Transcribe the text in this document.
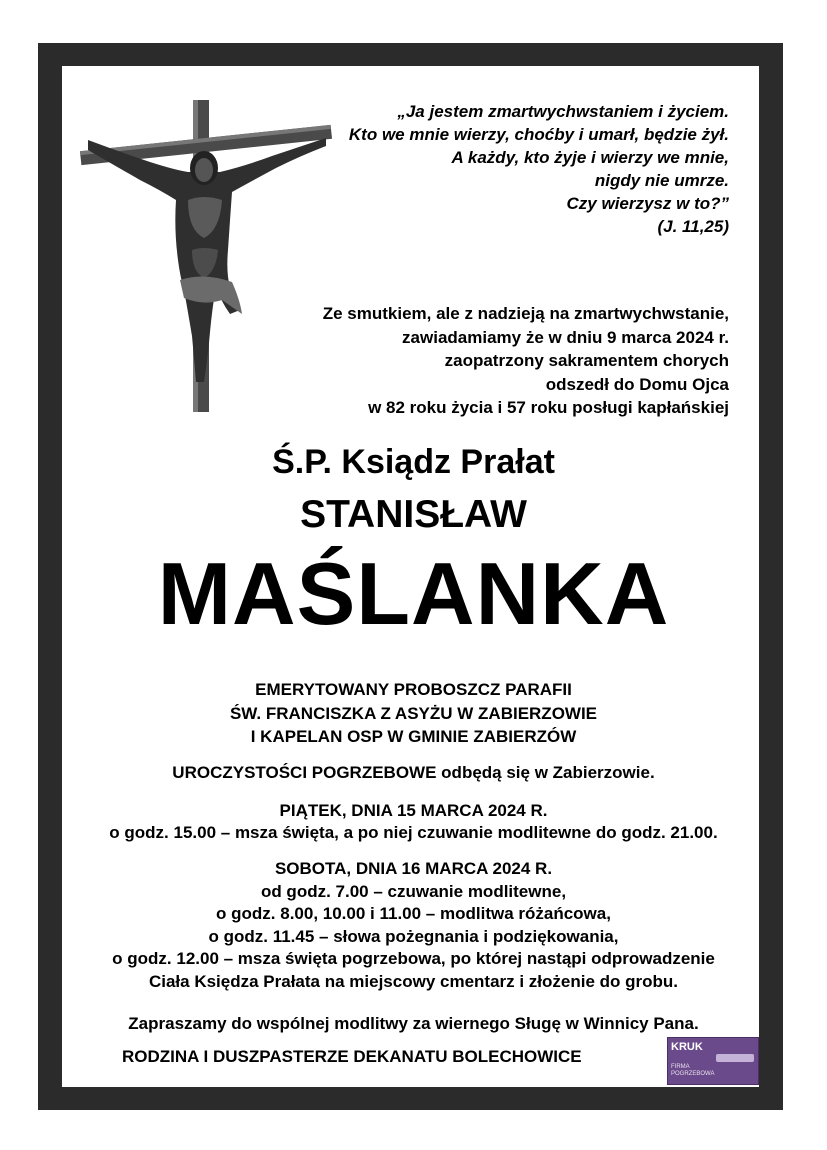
„Ja jestem zmartwychwstaniem i życiem.
Kto we mnie wierzy, choćby i umarł, będzie żył.
A każdy, kto żyje i wierzy we mnie,
nigdy nie umrze.
Czy wierzysz w to?”
(J. 11,25)
Ze smutkiem, ale z nadzieją na zmartwychwstanie,
zawiadamiamy że w dniu 9 marca 2024 r.
zaopatrzony sakramentem chorych
odszedł do Domu Ojca
w 82 roku życia i 57 roku posługi kapłańskiej
Ś.P. Ksiądz Prałat
STANISŁAW
MAŚLANKA
EMERYTOWANY PROBOSZCZ PARAFII
ŚW. FRANCISZKA Z ASYŻU W ZABIERZOWIE
I KAPELAN OSP W GMINIE ZABIERZÓW
UROCZYSTOŚCI POGRZEBOWE odbędą się w Zabierzowie.
PIĄTEK, DNIA 15 MARCA 2024 R.
o godz. 15.00 – msza święta, a po niej czuwanie modlitewne do godz. 21.00.
SOBOTA, DNIA 16 MARCA 2024 R.
od godz. 7.00 – czuwanie modlitewne,
o godz. 8.00, 10.00 i 11.00 – modlitwa różańcowa,
o godz. 11.45 – słowa pożegnania i podziękowania,
o godz. 12.00 – msza święta pogrzebowa, po której nastąpi odprowadzenie
Ciała Księdza Prałata na miejscowy cmentarz i złożenie do grobu.
Zapraszamy do wspólnej modlitwy za wiernego Sługę w Winnicy Pana.
RODZINA I DUSZPASTERZE DEKANATU BOLECHOWICE	KRUK
FIRMA POGRZEBOWA
